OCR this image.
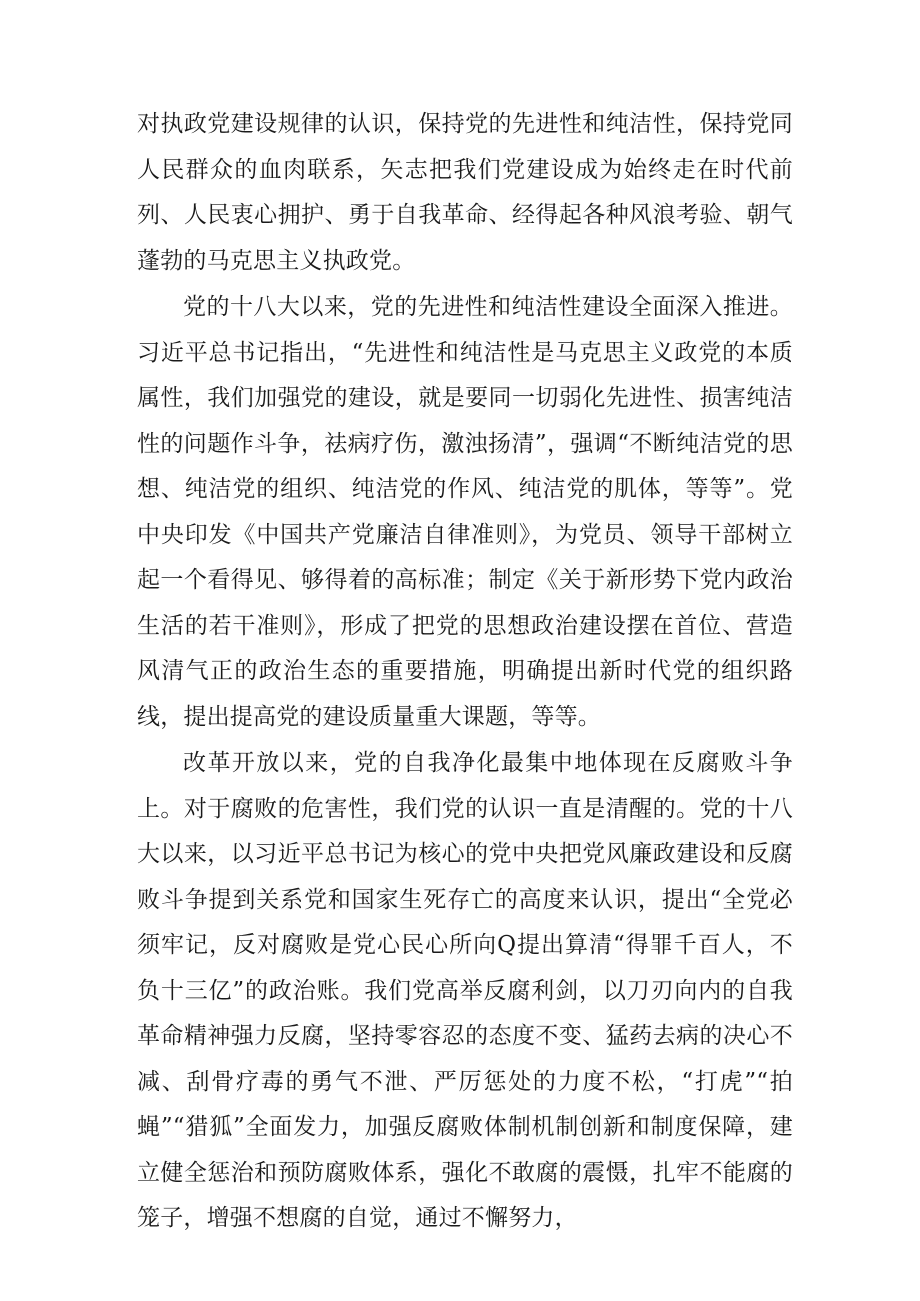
对执政党建设规律的认识，保持党的先进性和纯洁性，保持党同人民群众的血肉联系，矢志把我们党建设成为始终走在时代前列、人民衷心拥护、勇于自我革命、经得起各种风浪考验、朝气蓬勃的马克思主义执政党。

党的十八大以来，党的先进性和纯洁性建设全面深入推进。习近平总书记指出，“先进性和纯洁性是马克思主义政党的本质属性，我们加强党的建设，就是要同一切弱化先进性、损害纯洁性的问题作斗争，祛病疗伤，激浊扬清”，强调“不断纯洁党的思想、纯洁党的组织、纯洁党的作风、纯洁党的肌体，等等”。党中央印发《中国共产党廉洁自律准则》，为党员、领导干部树立起一个看得见、够得着的高标准；制定《关于新形势下党内政治生活的若干准则》，形成了把党的思想政治建设摆在首位、营造风清气正的政治生态的重要措施，明确提出新时代党的组织路线，提出提高党的建设质量重大课题，等等。

改革开放以来，党的自我净化最集中地体现在反腐败斗争上。对于腐败的危害性，我们党的认识一直是清醒的。党的十八大以来，以习近平总书记为核心的党中央把党风廉政建设和反腐败斗争提到关系党和国家生死存亡的高度来认识，提出“全党必须牢记，反对腐败是党心民心所向Q提出算清“得罪千百人，不负十三亿”的政治账。我们党高举反腐利剑，以刀刃向内的自我革命精神强力反腐，坚持零容忍的态度不变、猛药去病的决心不减、刮骨疗毒的勇气不泄、严厉惩处的力度不松，“打虎”“拍蝇”“猎狐”全面发力，加强反腐败体制机制创新和制度保障，建立健全惩治和预防腐败体系，强化不敢腐的震慑，扎牢不能腐的笼子，增强不想腐的自觉，通过不懈努力，
